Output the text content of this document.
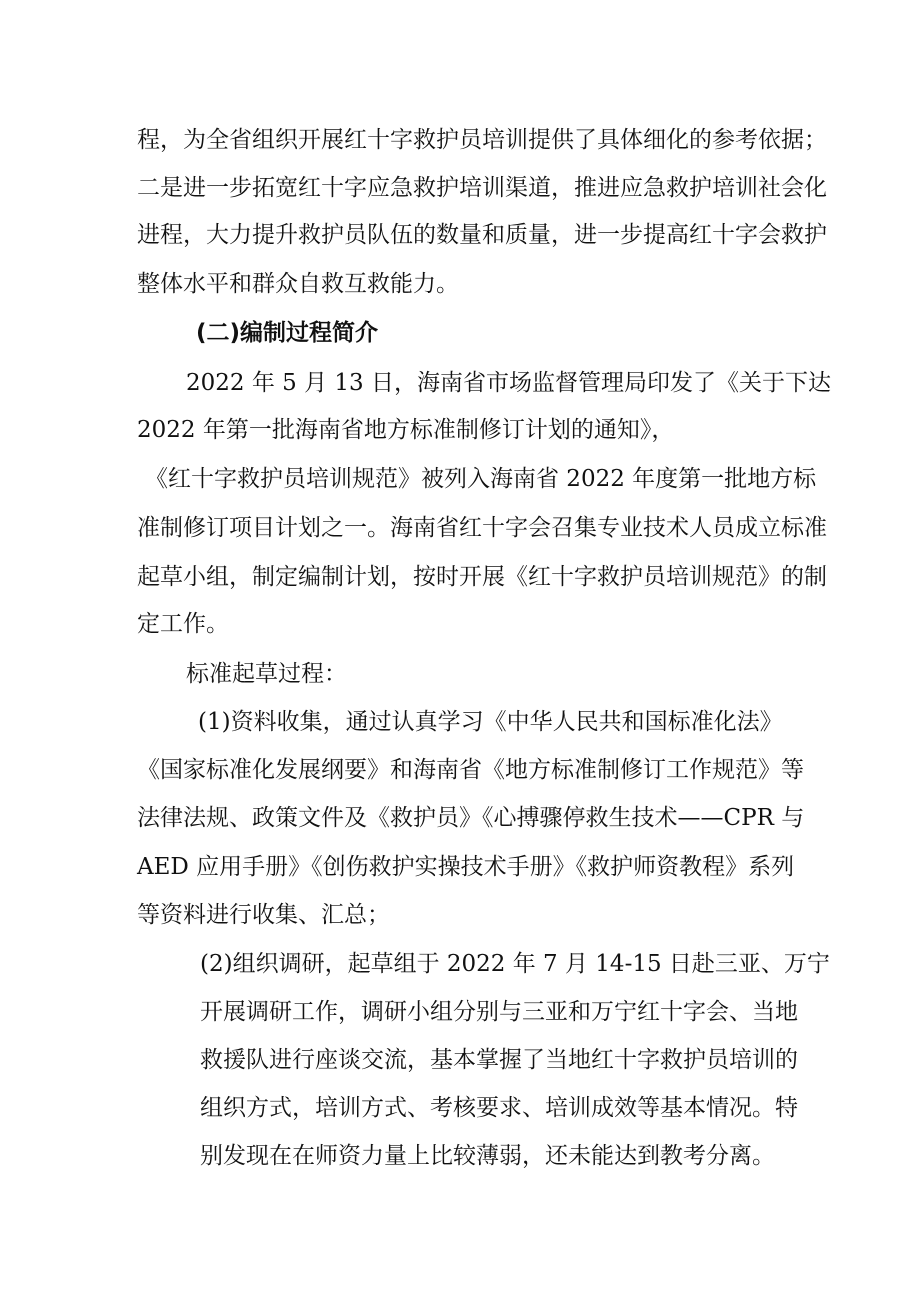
程，为全省组织开展红十字救护员培训提供了具体细化的参考依据；

二是进一步拓宽红十字应急救护培训渠道，推进应急救护培训社会化

进程，大力提升救护员队伍的数量和质量，进一步提高红十字会救护

整体水平和群众自救互救能力。

(二)编制过程简介

2022 年 5 月 13 日，海南省市场监督管理局印发了《关于下达

2022 年第一批海南省地方标准制修订计划的通知》，

《红十字救护员培训规范》被列入海南省 2022 年度第一批地方标

准制修订项目计划之一。海南省红十字会召集专业技术人员成立标准

起草小组，制定编制计划，按时开展《红十字救护员培训规范》的制

定工作。

标准起草过程：

(1)资料收集，通过认真学习《中华人民共和国标准化法》

《国家标准化发展纲要》和海南省《地方标准制修订工作规范》等

法律法规、政策文件及《救护员》《心搏骤停救生技术——CPR 与

AED 应用手册》《创伤救护实操技术手册》《救护师资教程》系列

等资料进行收集、汇总；

(2)组织调研，起草组于 2022 年 7 月 14-15 日赴三亚、万宁

开展调研工作，调研小组分别与三亚和万宁红十字会、当地

救援队进行座谈交流，基本掌握了当地红十字救护员培训的

组织方式，培训方式、考核要求、培训成效等基本情况。特

别发现在在师资力量上比较薄弱，还未能达到教考分离。
